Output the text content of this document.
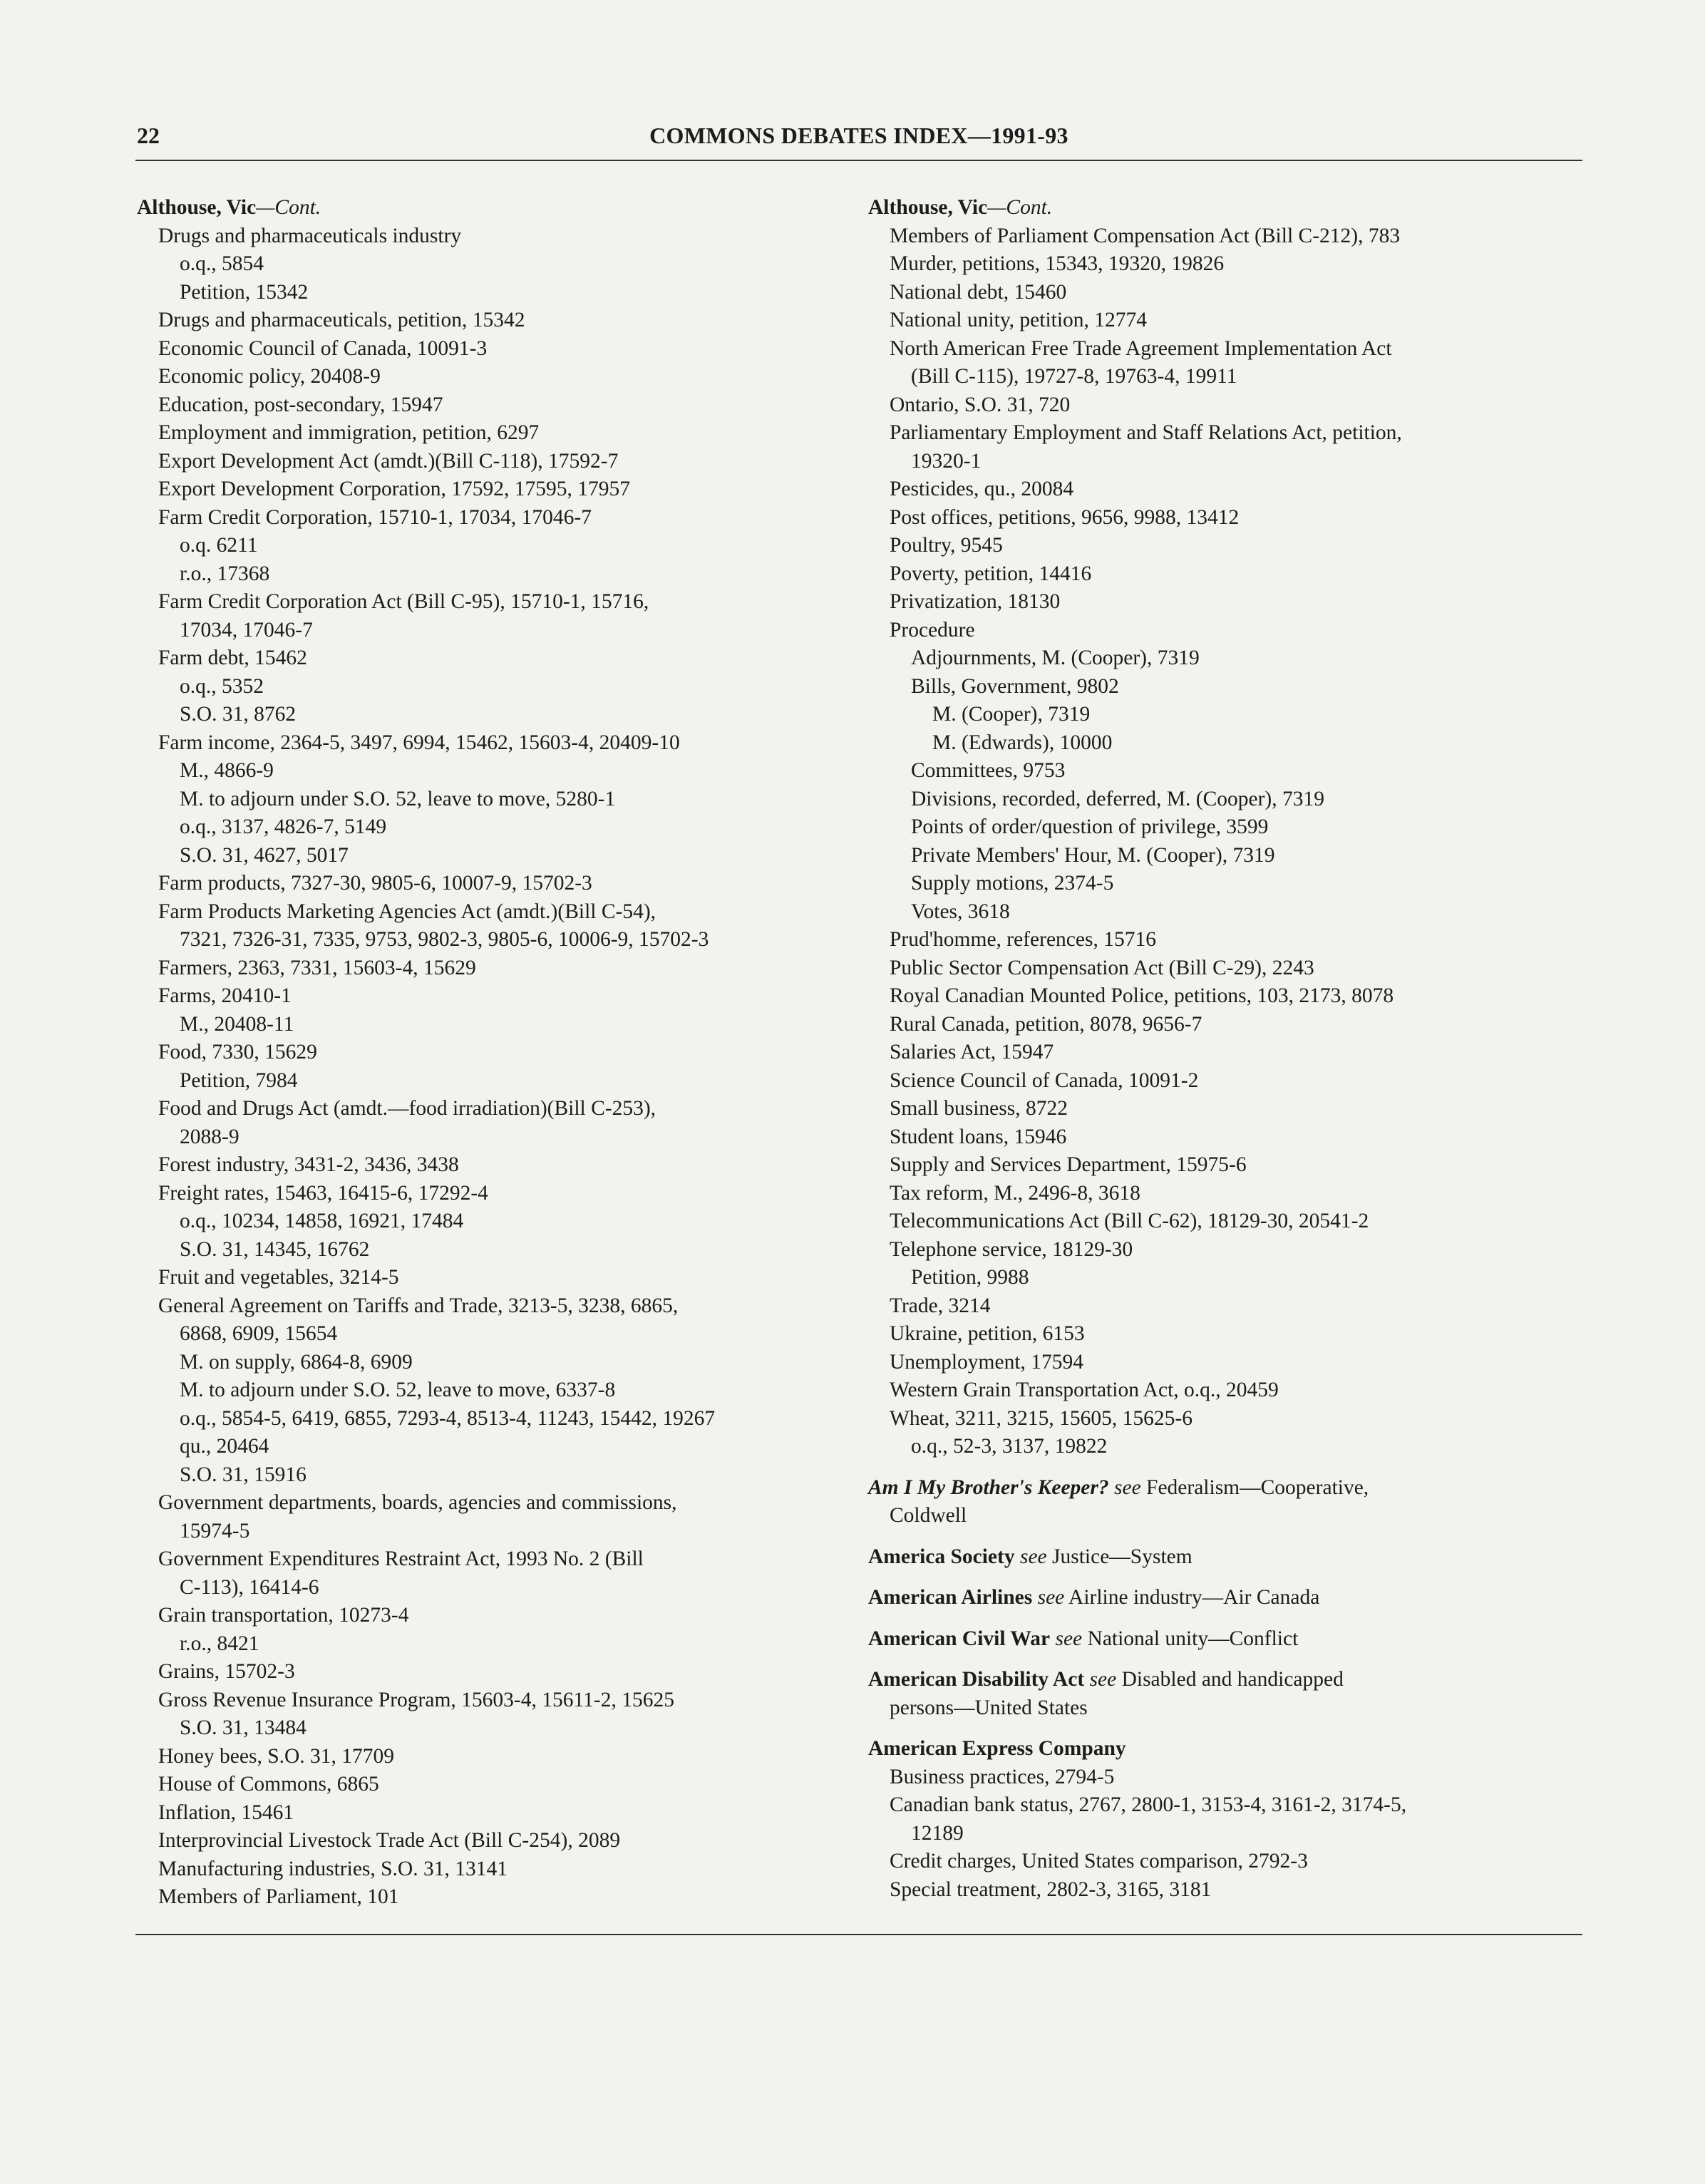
22	COMMONS DEBATES INDEX—1991-93
Althouse, Vic—Cont.
Drugs and pharmaceuticals industry
o.q., 5854
Petition, 15342
Drugs and pharmaceuticals, petition, 15342
Economic Council of Canada, 10091-3
Economic policy, 20408-9
Education, post-secondary, 15947
Employment and immigration, petition, 6297
Export Development Act (amdt.)(Bill C-118), 17592-7
Export Development Corporation, 17592, 17595, 17957
Farm Credit Corporation, 15710-1, 17034, 17046-7
o.q. 6211
r.o., 17368
Farm Credit Corporation Act (Bill C-95), 15710-1, 15716,
17034, 17046-7
Farm debt, 15462
o.q., 5352
S.O. 31, 8762
Farm income, 2364-5, 3497, 6994, 15462, 15603-4, 20409-10
M., 4866-9
M. to adjourn under S.O. 52, leave to move, 5280-1
o.q., 3137, 4826-7, 5149
S.O. 31, 4627, 5017
Farm products, 7327-30, 9805-6, 10007-9, 15702-3
Farm Products Marketing Agencies Act (amdt.)(Bill C-54),
7321, 7326-31, 7335, 9753, 9802-3, 9805-6, 10006-9, 15702-3
Farmers, 2363, 7331, 15603-4, 15629
Farms, 20410-1
M., 20408-11
Food, 7330, 15629
Petition, 7984
Food and Drugs Act (amdt.—food irradiation)(Bill C-253),
2088-9
Forest industry, 3431-2, 3436, 3438
Freight rates, 15463, 16415-6, 17292-4
o.q., 10234, 14858, 16921, 17484
S.O. 31, 14345, 16762
Fruit and vegetables, 3214-5
General Agreement on Tariffs and Trade, 3213-5, 3238, 6865,
6868, 6909, 15654
M. on supply, 6864-8, 6909
M. to adjourn under S.O. 52, leave to move, 6337-8
o.q., 5854-5, 6419, 6855, 7293-4, 8513-4, 11243, 15442, 19267
qu., 20464
S.O. 31, 15916
Government departments, boards, agencies and commissions,
15974-5
Government Expenditures Restraint Act, 1993 No. 2 (Bill
C-113), 16414-6
Grain transportation, 10273-4
r.o., 8421
Grains, 15702-3
Gross Revenue Insurance Program, 15603-4, 15611-2, 15625
S.O. 31, 13484
Honey bees, S.O. 31, 17709
House of Commons, 6865
Inflation, 15461
Interprovincial Livestock Trade Act (Bill C-254), 2089
Manufacturing industries, S.O. 31, 13141
Members of Parliament, 101
Althouse, Vic—Cont.
Members of Parliament Compensation Act (Bill C-212), 783
Murder, petitions, 15343, 19320, 19826
National debt, 15460
National unity, petition, 12774
North American Free Trade Agreement Implementation Act
(Bill C-115), 19727-8, 19763-4, 19911
Ontario, S.O. 31, 720
Parliamentary Employment and Staff Relations Act, petition,
19320-1
Pesticides, qu., 20084
Post offices, petitions, 9656, 9988, 13412
Poultry, 9545
Poverty, petition, 14416
Privatization, 18130
Procedure
Adjournments, M. (Cooper), 7319
Bills, Government, 9802
M. (Cooper), 7319
M. (Edwards), 10000
Committees, 9753
Divisions, recorded, deferred, M. (Cooper), 7319
Points of order/question of privilege, 3599
Private Members' Hour, M. (Cooper), 7319
Supply motions, 2374-5
Votes, 3618
Prud'homme, references, 15716
Public Sector Compensation Act (Bill C-29), 2243
Royal Canadian Mounted Police, petitions, 103, 2173, 8078
Rural Canada, petition, 8078, 9656-7
Salaries Act, 15947
Science Council of Canada, 10091-2
Small business, 8722
Student loans, 15946
Supply and Services Department, 15975-6
Tax reform, M., 2496-8, 3618
Telecommunications Act (Bill C-62), 18129-30, 20541-2
Telephone service, 18129-30
Petition, 9988
Trade, 3214
Ukraine, petition, 6153
Unemployment, 17594
Western Grain Transportation Act, o.q., 20459
Wheat, 3211, 3215, 15605, 15625-6
o.q., 52-3, 3137, 19822
Am I My Brother's Keeper? see Federalism—Cooperative,
Coldwell
America Society see Justice—System
American Airlines see Airline industry—Air Canada
American Civil War see National unity—Conflict
American Disability Act see Disabled and handicapped
persons—United States
American Express Company
Business practices, 2794-5
Canadian bank status, 2767, 2800-1, 3153-4, 3161-2, 3174-5,
12189
Credit charges, United States comparison, 2792-3
Special treatment, 2802-3, 3165, 3181
